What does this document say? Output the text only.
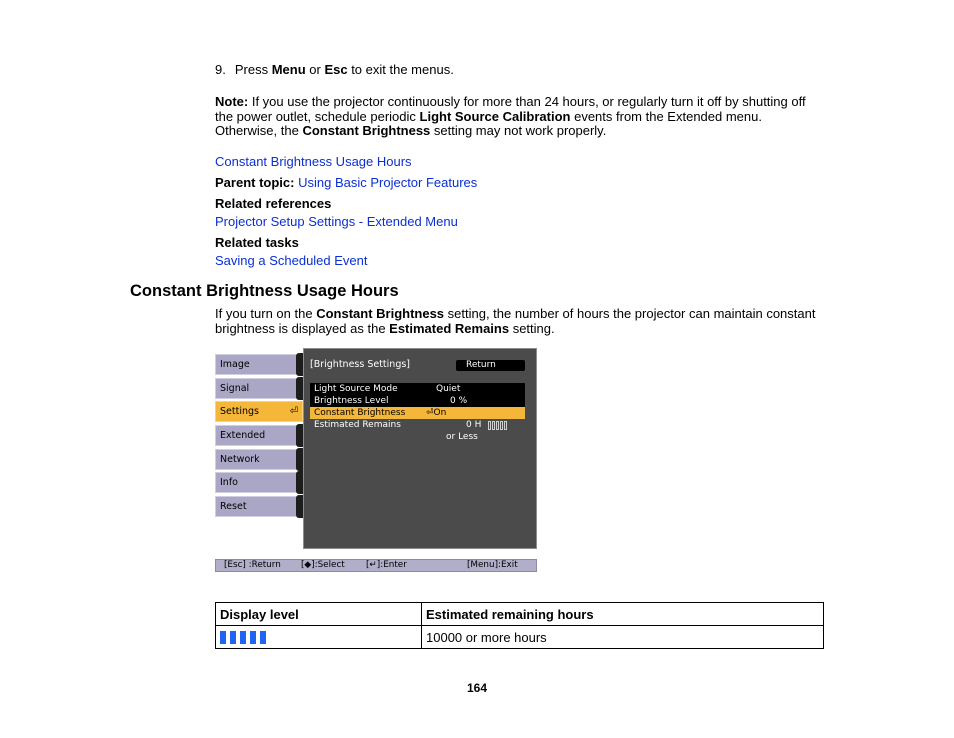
9. Press Menu or Esc to exit the menus.
Note: If you use the projector continuously for more than 24 hours, or regularly turn it off by shutting off
the power outlet, schedule periodic Light Source Calibration events from the Extended menu.
Otherwise, the Constant Brightness setting may not work properly.
Constant Brightness Usage Hours
Parent topic: Using Basic Projector Features
Related references
Projector Setup Settings - Extended Menu
Related tasks
Saving a Scheduled Event
Constant Brightness Usage Hours
If you turn on the Constant Brightness setting, the number of hours the projector can maintain constant
brightness is displayed as the Estimated Remains setting.
Image
Signal
Settings	⏎
Extended
Network
Info
Reset
[Brightness Settings]	Return
Light Source Mode	Quiet
Brightness Level	0 %
Constant Brightness ⏎On
Estimated Remains	0 H
or Less
[Esc] :Return [◆]:Select [↵]:Enter	[Menu]:Exit
Display level	Estimated remaining hours

	10000 or more hours
164
